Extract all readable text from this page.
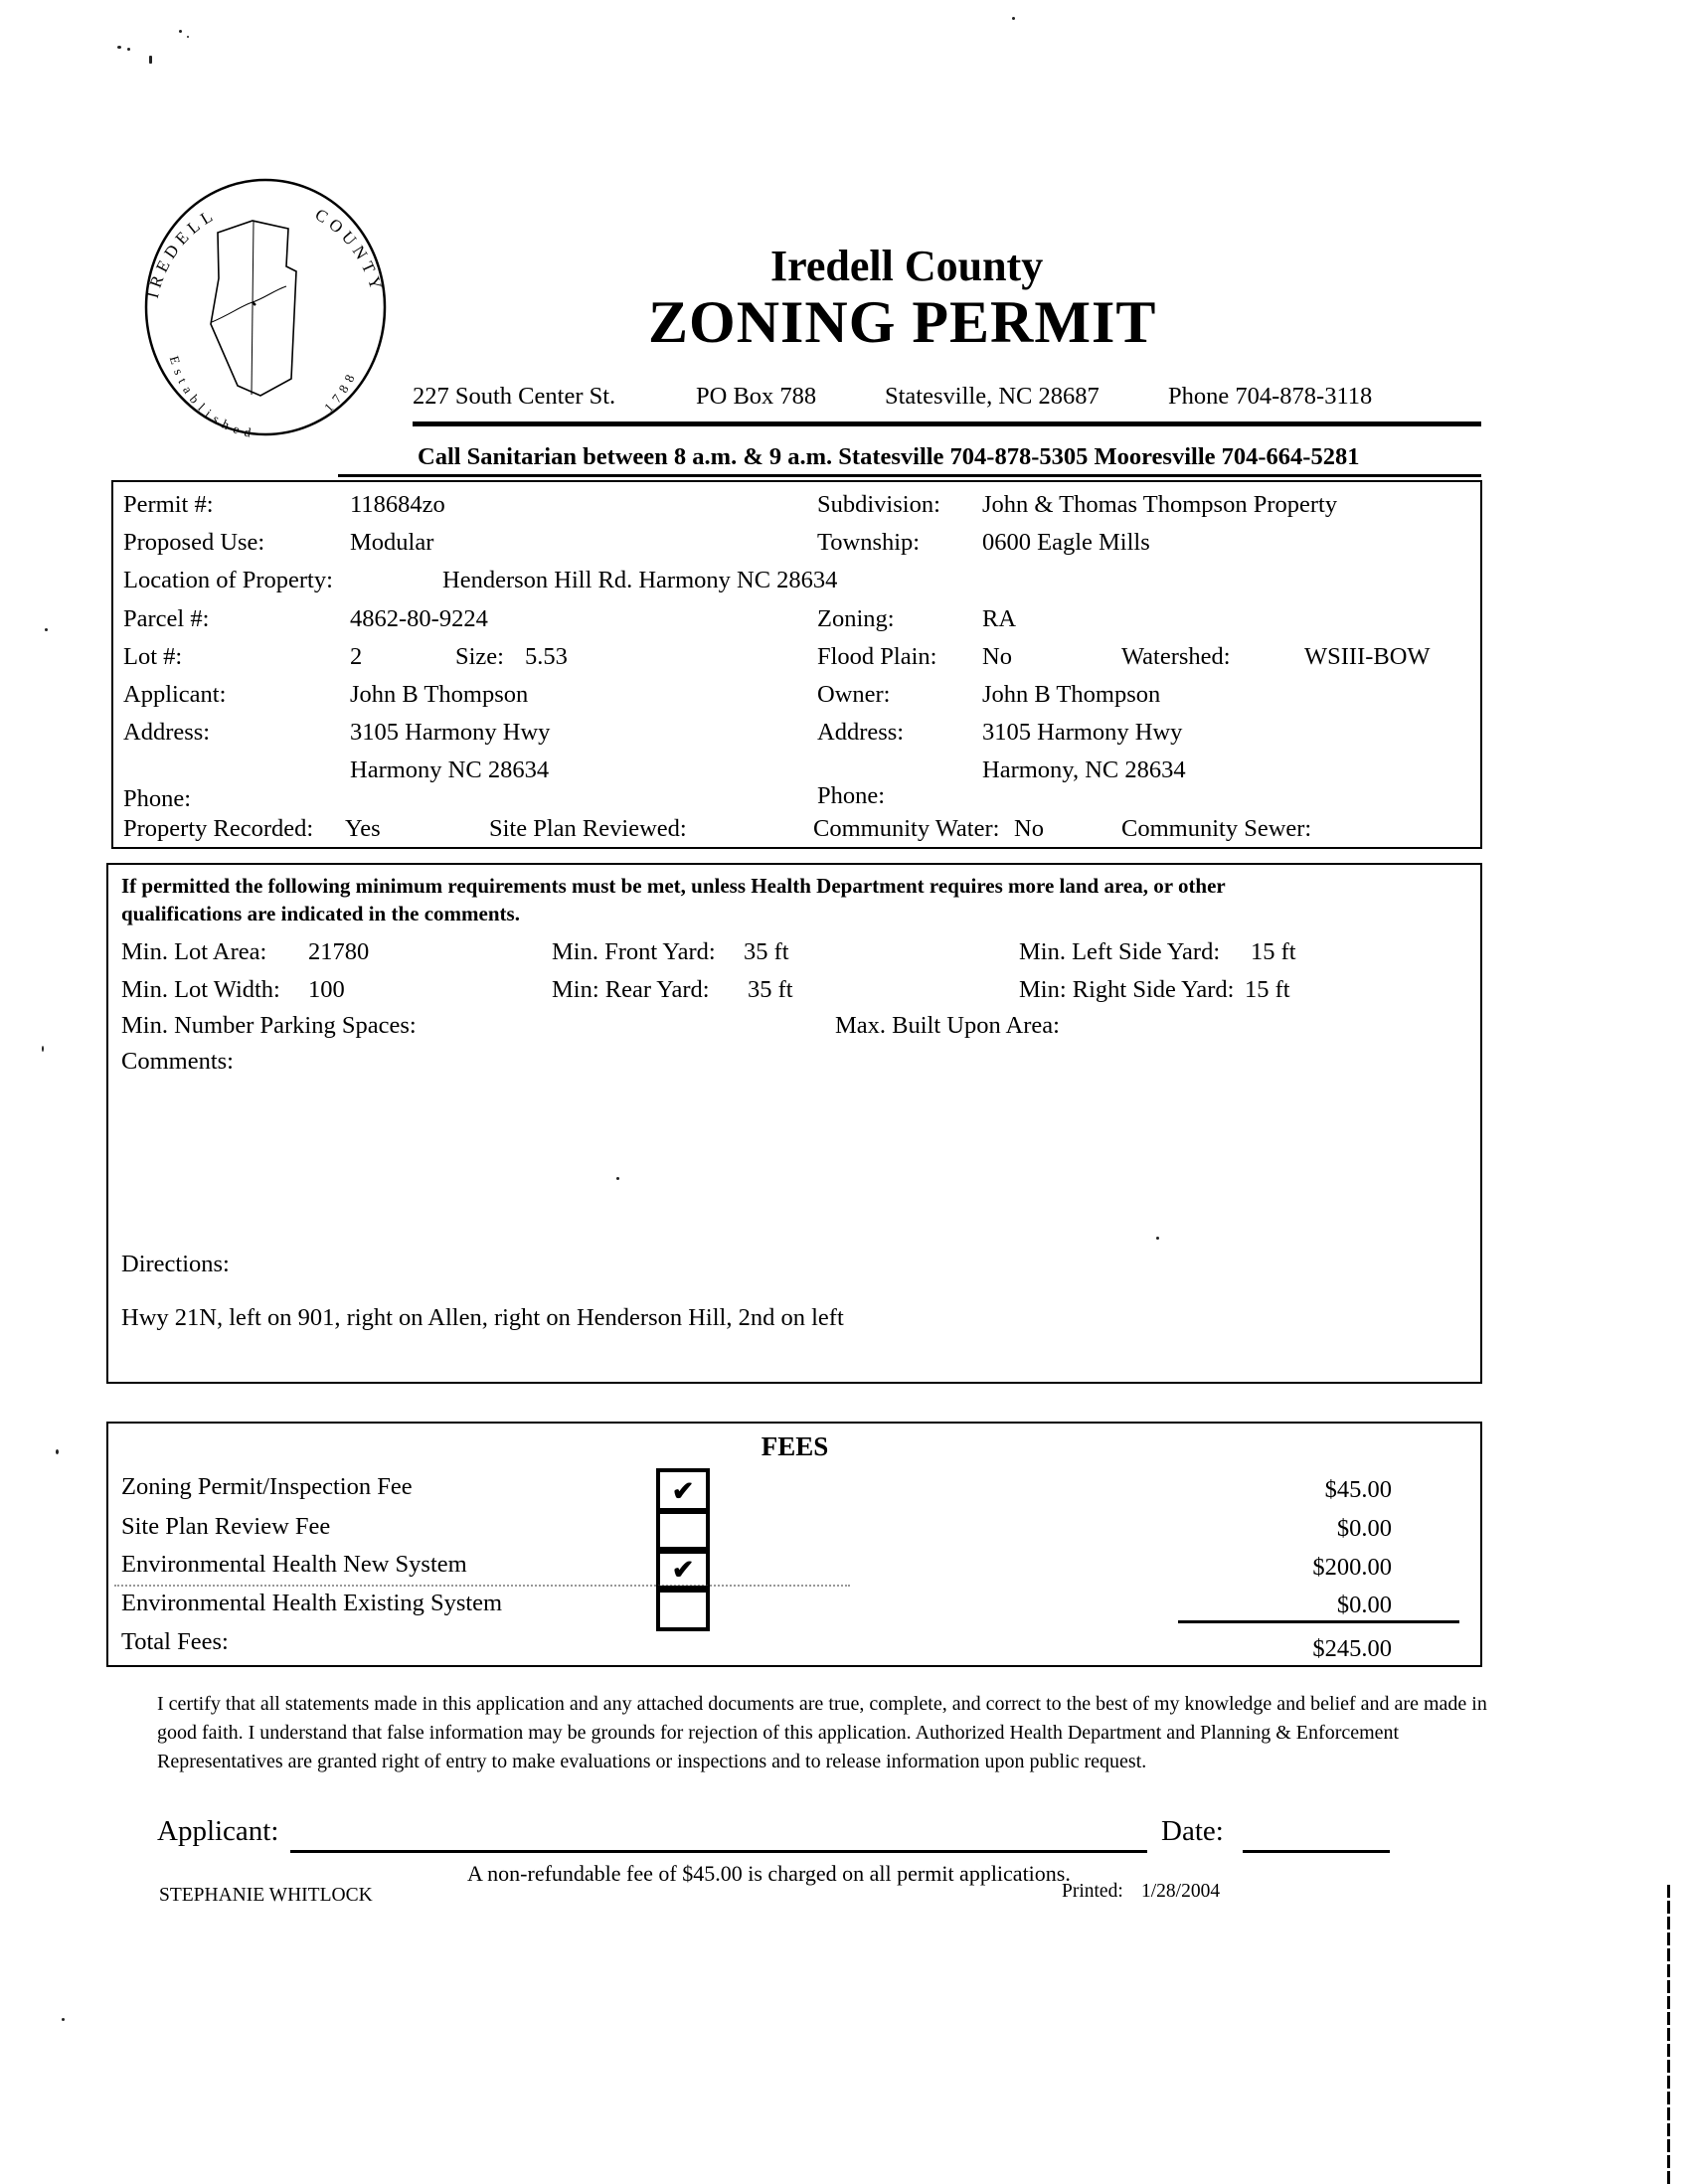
IREDELL	COUNTY
Established
1788
Iredell County
ZONING PERMIT
227 South Center St.	PO Box 788	Statesville, NC 28687	Phone 704-878-3118
Call Sanitarian between 8 a.m. & 9 a.m. Statesville 704-878-5305 Mooresville 704-664-5281
Permit #:	118684zo	Subdivision: John & Thomas Thompson Property
Proposed Use:	Modular	Township:	0600 Eagle Mills
Location of Property:	Henderson Hill Rd. Harmony NC 28634
Parcel #:	4862-80-9224	Zoning:	RA
Lot #:	2	Size: 5.53	Flood Plain: No	Watershed:	WSIII-BOW
Applicant:	John B Thompson	Owner:	John B Thompson
Address:	3105 Harmony Hwy	Address:	3105 Harmony Hwy
Harmony NC 28634	Harmony, NC 28634
Phone:	Phone:
Property Recorded: Yes	Site Plan Reviewed:	Community Water: No	Community Sewer:
If permitted the following minimum requirements must be met, unless Health Department requires more land area, or other
qualifications are indicated in the comments.
Min. Lot Area: 21780	Min. Front Yard: 35 ft	Min. Left Side Yard: 15 ft
Min. Lot Width: 100	Min: Rear Yard: 35 ft	Min: Right Side Yard: 15 ft
Min. Number Parking Spaces:	Max. Built Upon Area:
Comments:
Directions:
Hwy 21N, left on 901, right on Allen, right on Henderson Hill, 2nd on left
FEES
Zoning Permit/Inspection Fee	✔	$45.00
Site Plan Review Fee	$0.00
Environmental Health New System	✔	$200.00
Environmental Health Existing System	$0.00
Total Fees:	$245.00
I certify that all statements made in this application and any attached documents are true, complete, and correct to the best of my knowledge and belief and are made in good faith. I understand that false information may be grounds for rejection of this application. Authorized Health Department and Planning & Enforcement Representatives are granted right of entry to make evaluations or inspections and to release information upon public request.
Applicant:	Date:
A non-refundable fee of $45.00 is charged on all permit applications.
STEPHANIE WHITLOCK	Printed: 1/28/2004
